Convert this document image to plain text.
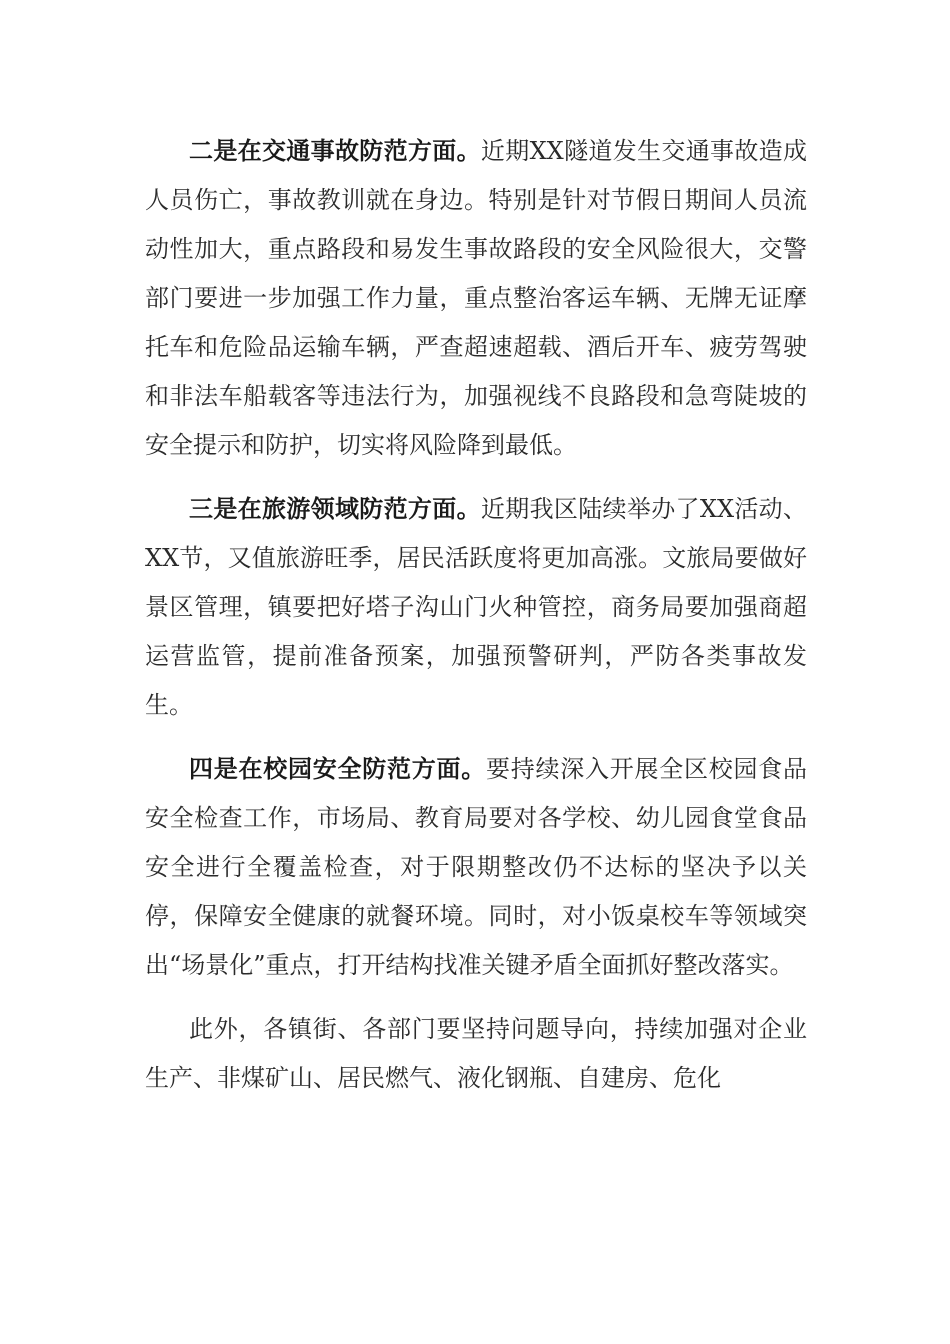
二是在交通事故防范方面。近期XX隧道发生交通事故造成人员伤亡，事故教训就在身边。特别是针对节假日期间人员流动性加大，重点路段和易发生事故路段的安全风险很大，交警部门要进一步加强工作力量，重点整治客运车辆、无牌无证摩托车和危险品运输车辆，严查超速超载、酒后开车、疲劳驾驶和非法车船载客等违法行为，加强视线不良路段和急弯陡坡的安全提示和防护，切实将风险降到最低。

三是在旅游领域防范方面。近期我区陆续举办了XX活动、XX节，又值旅游旺季，居民活跃度将更加高涨。文旅局要做好景区管理，镇要把好塔子沟山门火种管控，商务局要加强商超运营监管，提前准备预案，加强预警研判，严防各类事故发生。

四是在校园安全防范方面。要持续深入开展全区校园食品安全检查工作，市场局、教育局要对各学校、幼儿园食堂食品安全进行全覆盖检查，对于限期整改仍不达标的坚决予以关停，保障安全健康的就餐环境。同时，对小饭桌校车等领域突出“场景化”重点，打开结构找准关键矛盾全面抓好整改落实。

此外，各镇街、各部门要坚持问题导向，持续加强对企业生产、非煤矿山、居民燃气、液化钢瓶、自建房、危化
